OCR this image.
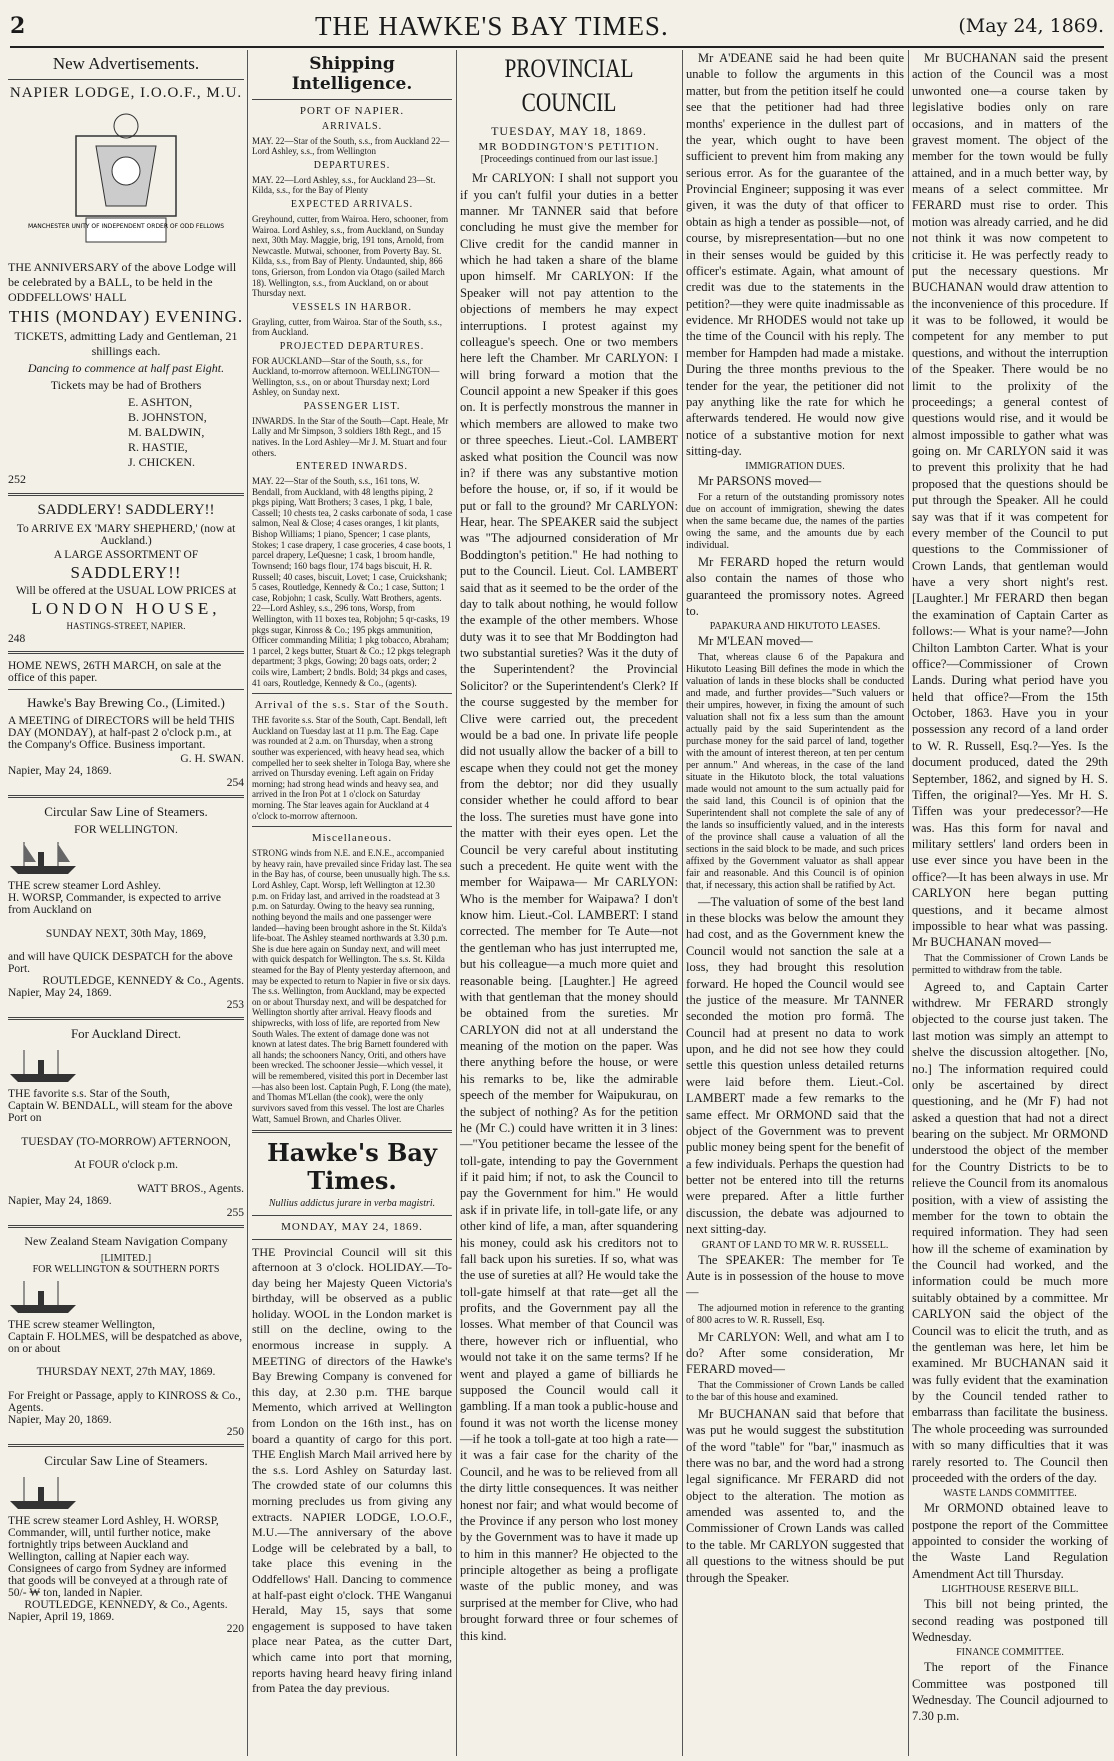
2	THE HAWKE'S BAY TIMES.	(May 24, 1869.
New Advertisements.
NAPIER LODGE, I.O.O.F., M.U.
MANCHESTER UNITY OF INDEPENDENT ORDER OF ODD FELLOWS

THE ANNIVERSARY of the above Lodge will be celebrated by a BALL, to be held in the ODDFELLOWS' HALL

THIS (MONDAY) EVENING.

TICKETS, admitting Lady and Gentleman, 21 shillings each.

Dancing to commence at half past Eight.

Tickets may be had of Brothers

E. ASHTON,

B. JOHNSTON,

M. BALDWIN,

R. HASTIE,

J. CHICKEN.

252

SADDLERY! SADDLERY!!

To ARRIVE EX 'MARY SHEPHERD,' (now at Auckland.)

A LARGE ASSORTMENT OF

SADDLERY!!

Will be offered at the USUAL LOW PRICES at

LONDON HOUSE,

HASTINGS-STREET, NAPIER.

248

HOME NEWS, 26TH MARCH, on sale at the office of this paper.

Hawke's Bay Brewing Co., (Limited.)

A MEETING of DIRECTORS will be held THIS DAY (MONDAY), at half-past 2 o'clock p.m., at the Company's Office. Business important.

G. H. SWAN.

Napier, May 24, 1869.

254

Circular Saw Line of Steamers.
FOR WELLINGTON.

THE screw steamer Lord Ashley.

H. WORSP, Commander, is expected to arrive from Auckland on

SUNDAY NEXT, 30th May, 1869,

and will have QUICK DESPATCH for the above Port.

ROUTLEDGE, KENNEDY & Co., Agents.

Napier, May 24, 1869.

253

For Auckland Direct.

THE favorite s.s. Star of the South,

Captain W. BENDALL, will steam for the above Port on

TUESDAY (TO-MORROW) AFTERNOON,

At FOUR o'clock p.m.

WATT BROS., Agents.

Napier, May 24, 1869.

255

New Zealand Steam Navigation Company
[LIMITED.]
FOR WELLINGTON & SOUTHERN PORTS

THE screw steamer Wellington,

Captain F. HOLMES, will be despatched as above, on or about

THURSDAY NEXT, 27th MAY, 1869.

For Freight or Passage, apply to KINROSS & Co., Agents.

Napier, May 20, 1869.

250

Circular Saw Line of Steamers.

THE screw steamer Lord Ashley, H. WORSP, Commander, will, until further notice, make fortnightly trips between Auckland and Wellington, calling at Napier each way. Consignees of cargo from Sydney are informed that goods will be conveyed at a through rate of 50/- ₩ ton, landed in Napier.

ROUTLEDGE, KENNEDY, & Co., Agents.

Napier, April 19, 1869.

220

Shipping Intelligence.
PORT OF NAPIER.
ARRIVALS.

MAY. 22—Star of the South, s.s., from Auckland 22—Lord Ashley, s.s., from Wellington

DEPARTURES.

MAY. 22—Lord Ashley, s.s., for Auckland 23—St. Kilda, s.s., for the Bay of Plenty

EXPECTED ARRIVALS.

Greyhound, cutter, from Wairoa. Hero, schooner, from Wairoa. Lord Ashley, s.s., from Auckland, on Sunday next, 30th May. Maggie, brig, 191 tons, Arnold, from Newcastle. Mutwai, schooner, from Poverty Bay. St. Kilda, s.s., from Bay of Plenty. Undaunted, ship, 866 tons, Grierson, from London via Otago (sailed March 18). Wellington, s.s., from Auckland, on or about Thursday next.

VESSELS IN HARBOR.

Grayling, cutter, from Wairoa. Star of the South, s.s., from Auckland.

PROJECTED DEPARTURES.

FOR AUCKLAND—Star of the South, s.s., for Auckland, to-morrow afternoon. WELLINGTON—Wellington, s.s., on or about Thursday next; Lord Ashley, on Sunday next.

PASSENGER LIST.

INWARDS. In the Star of the South—Capt. Heale, Mr Lally and Mr Simpson, 3 soldiers 18th Regt., and 15 natives. In the Lord Ashley—Mr J. M. Stuart and four others.

ENTERED INWARDS.

MAY. 22—Star of the South, s.s., 161 tons, W. Bendall, from Auckland, with 48 lengths piping, 2 pkgs piping, Watt Brothers; 3 cases, 1 pkg, 1 bale, Cassell; 10 chests tea, 2 casks carbonate of soda, 1 case salmon, Neal & Close; 4 cases oranges, 1 kit plants, Bishop Williams; 1 piano, Spencer; 1 case plants, Stokes; 1 case drapery, 1 case groceries, 4 case boots, 1 parcel drapery, LeQuesne; 1 cask, 1 broom handle, Townsend; 160 bags flour, 174 bags biscuit, H. R. Russell; 40 cases, biscuit, Lovet; 1 case, Cruickshank; 5 cases, Routledge, Kennedy & Co.; 1 case, Sutton; 1 case, Robjohn; 1 cask, Scully. Watt Brothers, agents. 22—Lord Ashley, s.s., 296 tons, Worsp, from Wellington, with 11 boxes tea, Robjohn; 5 qr-casks, 19 pkgs sugar, Kinross & Co.; 195 pkgs ammunition, Officer commanding Militia; 1 pkg tobacco, Abraham; 1 parcel, 2 kegs butter, Stuart & Co.; 12 pkgs telegraph department; 3 pkgs, Gowing; 20 bags oats, order; 2 coils wire, Lambert; 2 bndls. Bold; 34 pkgs and cases, 41 oars, Routledge, Kennedy & Co., (agents).

Arrival of the s.s. Star of the South.

THE favorite s.s. Star of the South, Capt. Bendall, left Auckland on Tuesday last at 11 p.m. The Eag. Cape was rounded at 2 a.m. on Thursday, when a strong souther was experienced, with heavy head sea, which compelled her to seek shelter in Tologa Bay, where she arrived on Thursday evening. Left again on Friday morning; had strong head winds and heavy sea, and arrived in the Iron Pot at 1 o'clock on Saturday morning. The Star leaves again for Auckland at 4 o'clock to-morrow afternoon.

Miscellaneous.

STRONG winds from N.E. and E.N.E., accompanied by heavy rain, have prevailed since Friday last. The sea in the Bay has, of course, been unusually high. The s.s. Lord Ashley, Capt. Worsp, left Wellington at 12.30 p.m. on Friday last, and arrived in the roadstead at 3 p.m. on Saturday. Owing to the heavy sea running, nothing beyond the mails and one passenger were landed—having been brought ashore in the St. Kilda's life-boat. The Ashley steamed northwards at 3.30 p.m. She is due here again on Sunday next, and will meet with quick despatch for Wellington. The s.s. St. Kilda steamed for the Bay of Plenty yesterday afternoon, and may be expected to return to Napier in five or six days. The s.s. Wellington, from Auckland, may be expected on or about Thursday next, and will be despatched for Wellington shortly after arrival. Heavy floods and shipwrecks, with loss of life, are reported from New South Wales. The extent of damage done was not known at latest dates. The brig Barnett foundered with all hands; the schooners Nancy, Oriti, and others have been wrecked. The schooner Jessie—which vessel, it will be remembered, visited this port in December last—has also been lost. Captain Pugh, F. Long (the mate), and Thomas M'Lellan (the cook), were the only survivors saved from this vessel. The lost are Charles Watt, Samuel Brown, and Charles Oliver.

Hawke's Bay Times.
Nullius addictus jurare in verba magistri.
MONDAY, MAY 24, 1869.

THE Provincial Council will sit this afternoon at 3 o'clock. HOLIDAY.—To-day being her Majesty Queen Victoria's birthday, will be observed as a public holiday. WOOL in the London market is still on the decline, owing to the enormous increase in supply. A MEETING of directors of the Hawke's Bay Brewing Company is convened for this day, at 2.30 p.m. THE barque Memento, which arrived at Wellington from London on the 16th inst., has on board a quantity of cargo for this port. THE English March Mail arrived here by the s.s. Lord Ashley on Saturday last. The crowded state of our columns this morning precludes us from giving any extracts. NAPIER LODGE, I.O.O.F., M.U.—The anniversary of the above Lodge will be celebrated by a ball, to take place this evening in the Oddfellows' Hall. Dancing to commence at half-past eight o'clock. THE Wanganui Herald, May 15, says that some engagement is supposed to have taken place near Patea, as the cutter Dart, which came into port that morning, reports having heard heavy firing inland from Patea the day previous.

PROVINCIAL COUNCIL
TUESDAY, MAY 18, 1869.
MR BODDINGTON'S PETITION.
[Proceedings continued from our last issue.]

Mr CARLYON: I shall not support you if you can't fulfil your duties in a better manner. Mr TANNER said that before concluding he must give the member for Clive credit for the candid manner in which he had taken a share of the blame upon himself. Mr CARLYON: If the Speaker will not pay attention to the objections of members he may expect interruptions. I protest against my colleague's speech. One or two members here left the Chamber. Mr CARLYON: I will bring forward a motion that the Council appoint a new Speaker if this goes on. It is perfectly monstrous the manner in which members are allowed to make two or three speeches. Lieut.-Col. LAMBERT asked what position the Council was now in? if there was any substantive motion before the house, or, if so, if it would be put or fall to the ground? Mr CARLYON: Hear, hear. The SPEAKER said the subject was "The adjourned consideration of Mr Boddington's petition." He had nothing to put to the Council. Lieut. Col. LAMBERT said that as it seemed to be the order of the day to talk about nothing, he would follow the example of the other members. Whose duty was it to see that Mr Boddington had two substantial sureties? Was it the duty of the Superintendent? the Provincial Solicitor? or the Superintendent's Clerk? If the course suggested by the member for Clive were carried out, the precedent would be a bad one. In private life people did not usually allow the backer of a bill to escape when they could not get the money from the debtor; nor did they usually consider whether he could afford to bear the loss. The sureties must have gone into the matter with their eyes open. Let the Council be very careful about instituting such a precedent. He quite went with the member for Waipawa— Mr CARLYON: Who is the member for Waipawa? I don't know him. Lieut.-Col. LAMBERT: I stand corrected. The member for Te Aute—not the gentleman who has just interrupted me, but his colleague—a much more quiet and reasonable being. [Laughter.] He agreed with that gentleman that the money should be obtained from the sureties. Mr CARLYON did not at all understand the meaning of the motion on the paper. Was there anything before the house, or were his remarks to be, like the admirable speech of the member for Waipukurau, on the subject of nothing? As for the petition he (Mr C.) could have written it in 3 lines:—"You petitioner became the lessee of the toll-gate, intending to pay the Government if it paid him; if not, to ask the Council to pay the Government for him." He would ask if in private life, in toll-gate life, or any other kind of life, a man, after squandering his money, could ask his creditors not to fall back upon his sureties. If so, what was the use of sureties at all? He would take the toll-gate himself at that rate—get all the profits, and the Government pay all the losses. What member of that Council was there, however rich or influential, who would not take it on the same terms? If he went and played a game of billiards he supposed the Council would call it gambling. If a man took a public-house and found it was not worth the license money—if he took a toll-gate at too high a rate—it was a fair case for the charity of the Council, and he was to be relieved from all the dirty little consequences. It was neither honest nor fair; and what would become of the Province if any person who lost money by the Government was to have it made up to him in this manner? He objected to the principle altogether as being a profligate waste of the public money, and was surprised at the member for Clive, who had brought forward three or four schemes of this kind.

Mr A'DEANE said he had been quite unable to follow the arguments in this matter, but from the petition itself he could see that the petitioner had had three months' experience in the dullest part of the year, which ought to have been sufficient to prevent him from making any serious error. As for the guarantee of the Provincial Engineer; supposing it was ever given, it was the duty of that officer to obtain as high a tender as possible—not, of course, by misrepresentation—but no one in their senses would be guided by this officer's estimate. Again, what amount of credit was due to the statements in the petition?—they were quite inadmissable as evidence. Mr RHODES would not take up the time of the Council with his reply. The member for Hampden had made a mistake. During the three months previous to the tender for the year, the petitioner did not pay anything like the rate for which he afterwards tendered. He would now give notice of a substantive motion for next sitting-day.

IMMIGRATION DUES.

Mr PARSONS moved—

For a return of the outstanding promissory notes due on account of immigration, shewing the dates when the same became due, the names of the parties owing the same, and the amounts due by each individual.

Mr FERARD hoped the return would also contain the names of those who guaranteed the promissory notes. Agreed to.

PAPAKURA AND HIKUTOTO LEASES.

Mr M'LEAN moved—

That, whereas clause 6 of the Papakura and Hikutoto Leasing Bill defines the mode in which the valuation of lands in these blocks shall be conducted and made, and further provides—"Such valuers or their umpires, however, in fixing the amount of such valuation shall not fix a less sum than the amount actually paid by the said Superintendent as the purchase money for the said parcel of land, together with the amount of interest thereon, at ten per centum per annum." And whereas, in the case of the land situate in the Hikutoto block, the total valuations made would not amount to the sum actually paid for the said land, this Council is of opinion that the Superintendent shall not complete the sale of any of the lands so insufficiently valued, and in the interests of the province shall cause a valuation of all the sections in the said block to be made, and such prices affixed by the Government valuator as shall appear fair and reasonable. And this Council is of opinion that, if necessary, this action shall be ratified by Act.

—The valuation of some of the best land in these blocks was below the amount they had cost, and as the Government knew the Council would not sanction the sale at a loss, they had brought this resolution forward. He hoped the Council would see the justice of the measure. Mr TANNER seconded the motion pro formâ. The Council had at present no data to work upon, and he did not see how they could settle this question unless detailed returns were laid before them. Lieut.-Col. LAMBERT made a few remarks to the same effect. Mr ORMOND said that the object of the Government was to prevent public money being spent for the benefit of a few individuals. Perhaps the question had better not be entered into till the returns were prepared. After a little further discussion, the debate was adjourned to next sitting-day.

GRANT OF LAND TO MR W. R. RUSSELL.

The SPEAKER: The member for Te Aute is in possession of the house to move—

The adjourned motion in reference to the granting of 800 acres to W. R. Russell, Esq.

Mr CARLYON: Well, and what am I to do? After some consideration, Mr FERARD moved—

That the Commissioner of Crown Lands be called to the bar of this house and examined.

Mr BUCHANAN said that before that was put he would suggest the substitution of the word "table" for "bar," inasmuch as there was no bar, and the word had a strong legal significance. Mr FERARD did not object to the alteration. The motion as amended was assented to, and the Commissioner of Crown Lands was called to the table. Mr CARLYON suggested that all questions to the witness should be put through the Speaker.

Mr BUCHANAN said the present action of the Council was a most unwonted one—a course taken by legislative bodies only on rare occasions, and in matters of the gravest moment. The object of the member for the town would be fully attained, and in a much better way, by means of a select committee. Mr FERARD must rise to order. This motion was already carried, and he did not think it was now competent to criticise it. He was perfectly ready to put the necessary questions. Mr BUCHANAN would draw attention to the inconvenience of this procedure. If it was to be followed, it would be competent for any member to put questions, and without the interruption of the Speaker. There would be no limit to the prolixity of the proceedings; a general contest of questions would rise, and it would be almost impossible to gather what was going on. Mr CARLYON said it was to prevent this prolixity that he had proposed that the questions should be put through the Speaker. All he could say was that if it was competent for every member of the Council to put questions to the Commissioner of Crown Lands, that gentleman would have a very short night's rest. [Laughter.] Mr FERARD then began the examination of Captain Carter as follows:— What is your name?—John Chilton Lambton Carter. What is your office?—Commissioner of Crown Lands. During what period have you held that office?—From the 15th October, 1863. Have you in your possession any record of a land order to W. R. Russell, Esq.?—Yes. Is the document produced, dated the 29th September, 1862, and signed by H. S. Tiffen, the original?—Yes. Mr H. S. Tiffen was your predecessor?—He was. Has this form for naval and military settlers' land orders been in use ever since you have been in the office?—It has been always in use. Mr CARLYON here began putting questions, and it became almost impossible to hear what was passing. Mr BUCHANAN moved—

That the Commissioner of Crown Lands be permitted to withdraw from the table.

Agreed to, and Captain Carter withdrew. Mr FERARD strongly objected to the course just taken. The last motion was simply an attempt to shelve the discussion altogether. [No, no.] The information required could only be ascertained by direct questioning, and he (Mr F) had not asked a question that had not a direct bearing on the subject. Mr ORMOND understood the object of the member for the Country Districts to be to relieve the Council from its anomalous position, with a view of assisting the member for the town to obtain the required information. They had seen how ill the scheme of examination by the Council had worked, and the information could be much more suitably obtained by a committee. Mr CARLYON said the object of the Council was to elicit the truth, and as the gentleman was here, let him be examined. Mr BUCHANAN said it was fully evident that the examination by the Council tended rather to embarrass than facilitate the business. The whole proceeding was surrounded with so many difficulties that it was rarely resorted to. The Council then proceeded with the orders of the day.

WASTE LANDS COMMITTEE.

Mr ORMOND obtained leave to postpone the report of the Committee appointed to consider the working of the Waste Land Regulation Amendment Act till Thursday.

LIGHTHOUSE RESERVE BILL.

This bill not being printed, the second reading was postponed till Wednesday.

FINANCE COMMITTEE.

The report of the Finance Committee was postponed till Wednesday. The Council adjourned to 7.30 p.m.
